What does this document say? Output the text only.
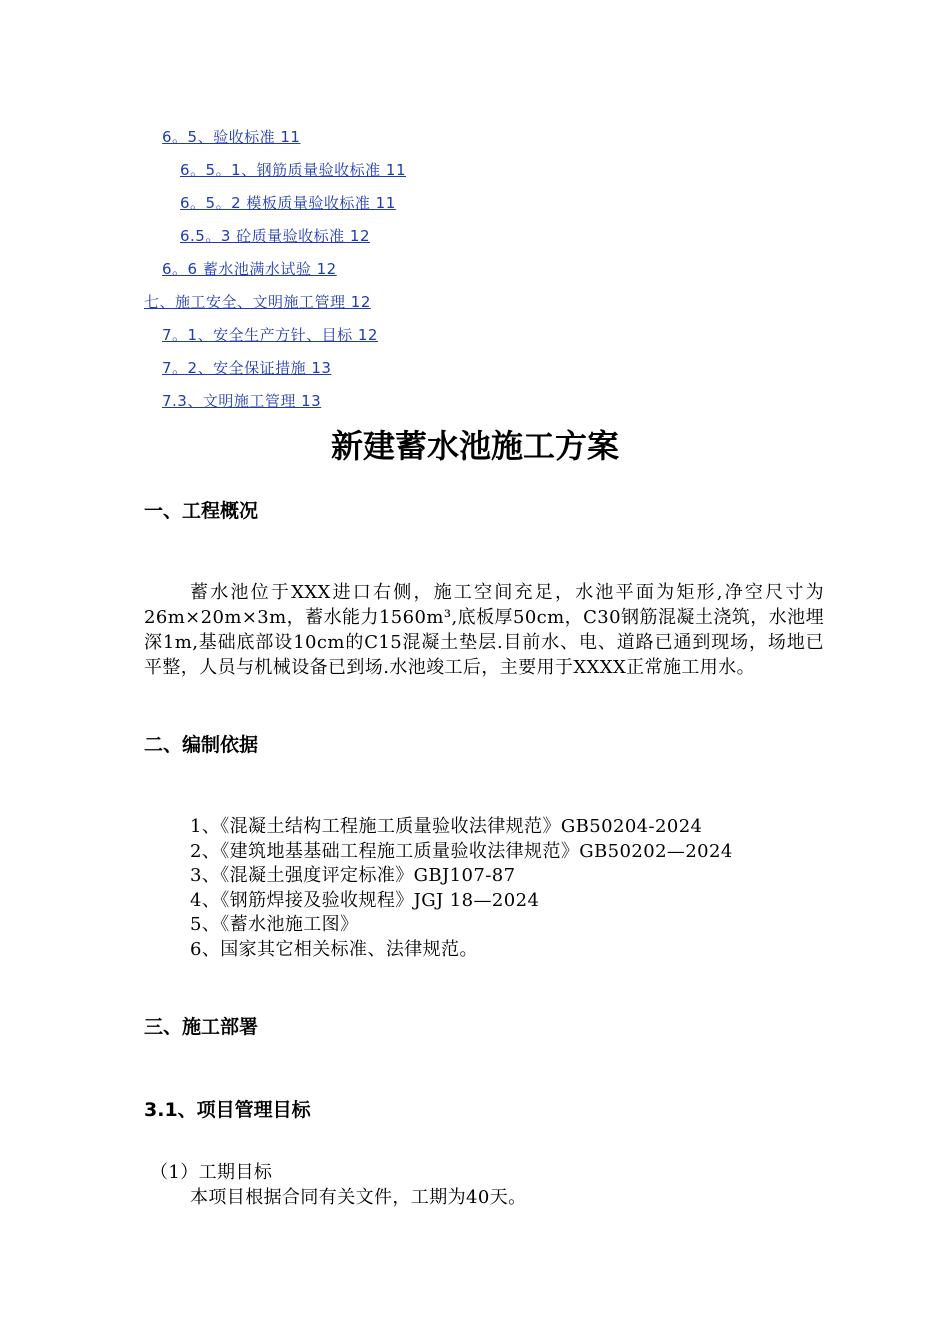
6。5、验收标准 11
6。5。1、钢筋质量验收标准 11
6。5。2 模板质量验收标准 11
6.5。3 砼质量验收标准 12
6。6 蓄水池满水试验 12
七、施工安全、文明施工管理 12
7。1、安全生产方针、目标 12
7。2、安全保证措施 13
7.3、文明施工管理 13
新建蓄水池施工方案
一、工程概况

蓄水池位于XXX进口右侧，施工空间充足，水池平面为矩形,净空尺寸为26m×20m×3m，蓄水能力1560m³,底板厚50cm，C30钢筋混凝土浇筑，水池埋深1m,基础底部设10cm的C15混凝土垫层.目前水、电、道路已通到现场，场地已平整，人员与机械设备已到场.水池竣工后，主要用于XXXX正常施工用水。

二、编制依据
1、《混凝土结构工程施工质量验收法律规范》GB50204-2024
2、《建筑地基基础工程施工质量验收法律规范》GB50202—2024
3、《混凝土强度评定标准》GBJ107-87
4、《钢筋焊接及验收规程》JGJ 18—2024
5、《蓄水池施工图》
6、国家其它相关标准、法律规范。
三、施工部署
3.1、项目管理目标
（1）工期目标
本项目根据合同有关文件，工期为40天。
